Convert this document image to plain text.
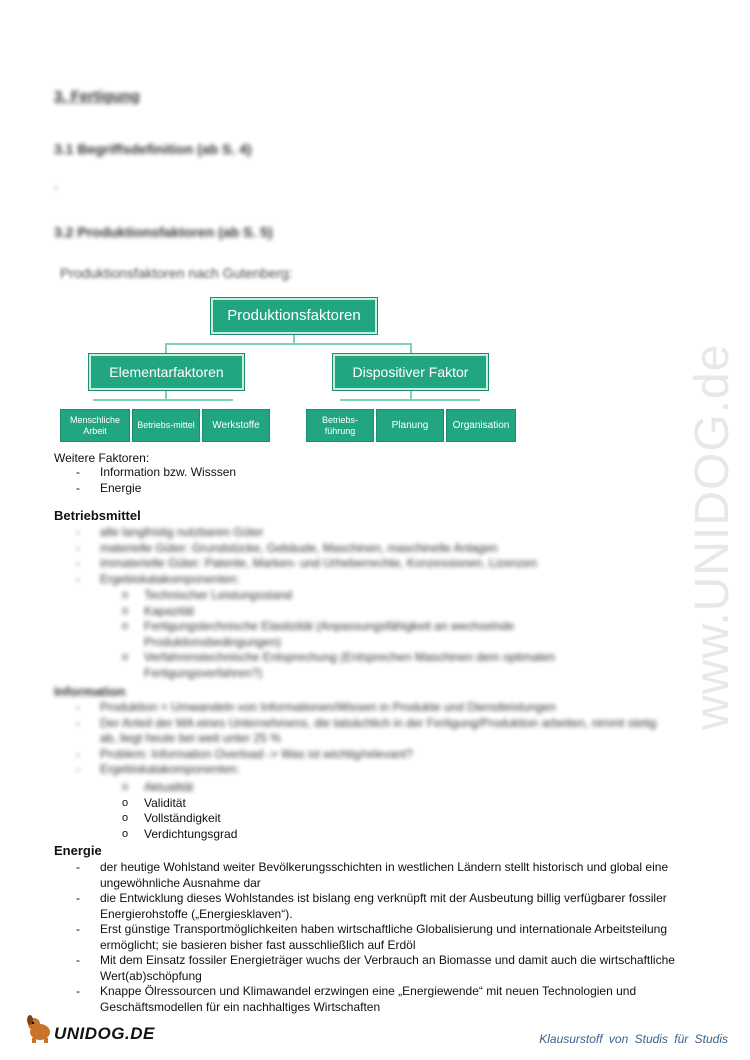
www.UNIDOG.de
3. Fertigung
3.1 Begriffsdefinition (ab S. 4)
-
3.2 Produktionsfaktoren (ab S. 5)
Produktionsfaktoren nach Gutenberg:
Produktionsfaktoren
Elementarfaktoren	Dispositiver Faktor
Menschliche Arbeit
Betriebs-mittel	Werkstoffe	Betriebs-führung	Planung	Organisation
Weitere Faktoren:
- Information bzw. Wisssen
- Energie
Betriebsmittel
- alle langfristig nutzbaren Güter
- materielle Güter: Grundstücke, Gebäude, Maschinen, maschinelle Anlagen
- immaterielle Güter: Patente, Marken- und Urheberrechte, Konzessionen, Lizenzen
- Ergebiskatakomponenten:
o Technischer Leistungsstand
o Kapazität
o Fertigungstechnische Elastizität (Anpassungsfähigkeit an wechselnde Produktionsbedingungen)
o Verfahrenstechnische Entsprechung (Entsprechen Maschinen dem optimalen Fertigungsverfahren?)
Information
- Produktion = Umwandeln von Informationen/Wissen in Produkte und Dienstleistungen
- Der Anteil der MA eines Unternehmens, die tatsächlich in der Fertigung/Produktion arbeiten, nimmt stetig ab, liegt heute bei weit unter 25 %
- Problem: Information Overload -> Was ist wichtig/relevant?
- Ergebiskatakomponenten:
o Aktualität
o Validität
o Vollständigkeit
o Verdichtungsgrad
Energie
- der heutige Wohlstand weiter Bevölkerungsschichten in westlichen Ländern stellt historisch und global eine ungewöhnliche Ausnahme dar
- die Entwicklung dieses Wohlstandes ist bislang eng verknüpft mit der Ausbeutung billig verfügbarer fossiler Energierohstoffe („Energiesklaven“).
- Erst günstige Transportmöglichkeiten haben wirtschaftliche Globalisierung und internationale Arbeitsteilung ermöglicht; sie basieren bisher fast ausschließlich auf Erdöl
- Mit dem Einsatz fossiler Energieträger wuchs der Verbrauch an Biomasse und damit auch die wirtschaftliche Wert(ab)schöpfung
- Knappe Ölressourcen und Klimawandel erzwingen eine „Energiewende“ mit neuen Technologien und Geschäftsmodellen für ein nachhaltiges Wirtschaften
UNIDOG.DE	Klausurstoff von Studis für Studis
